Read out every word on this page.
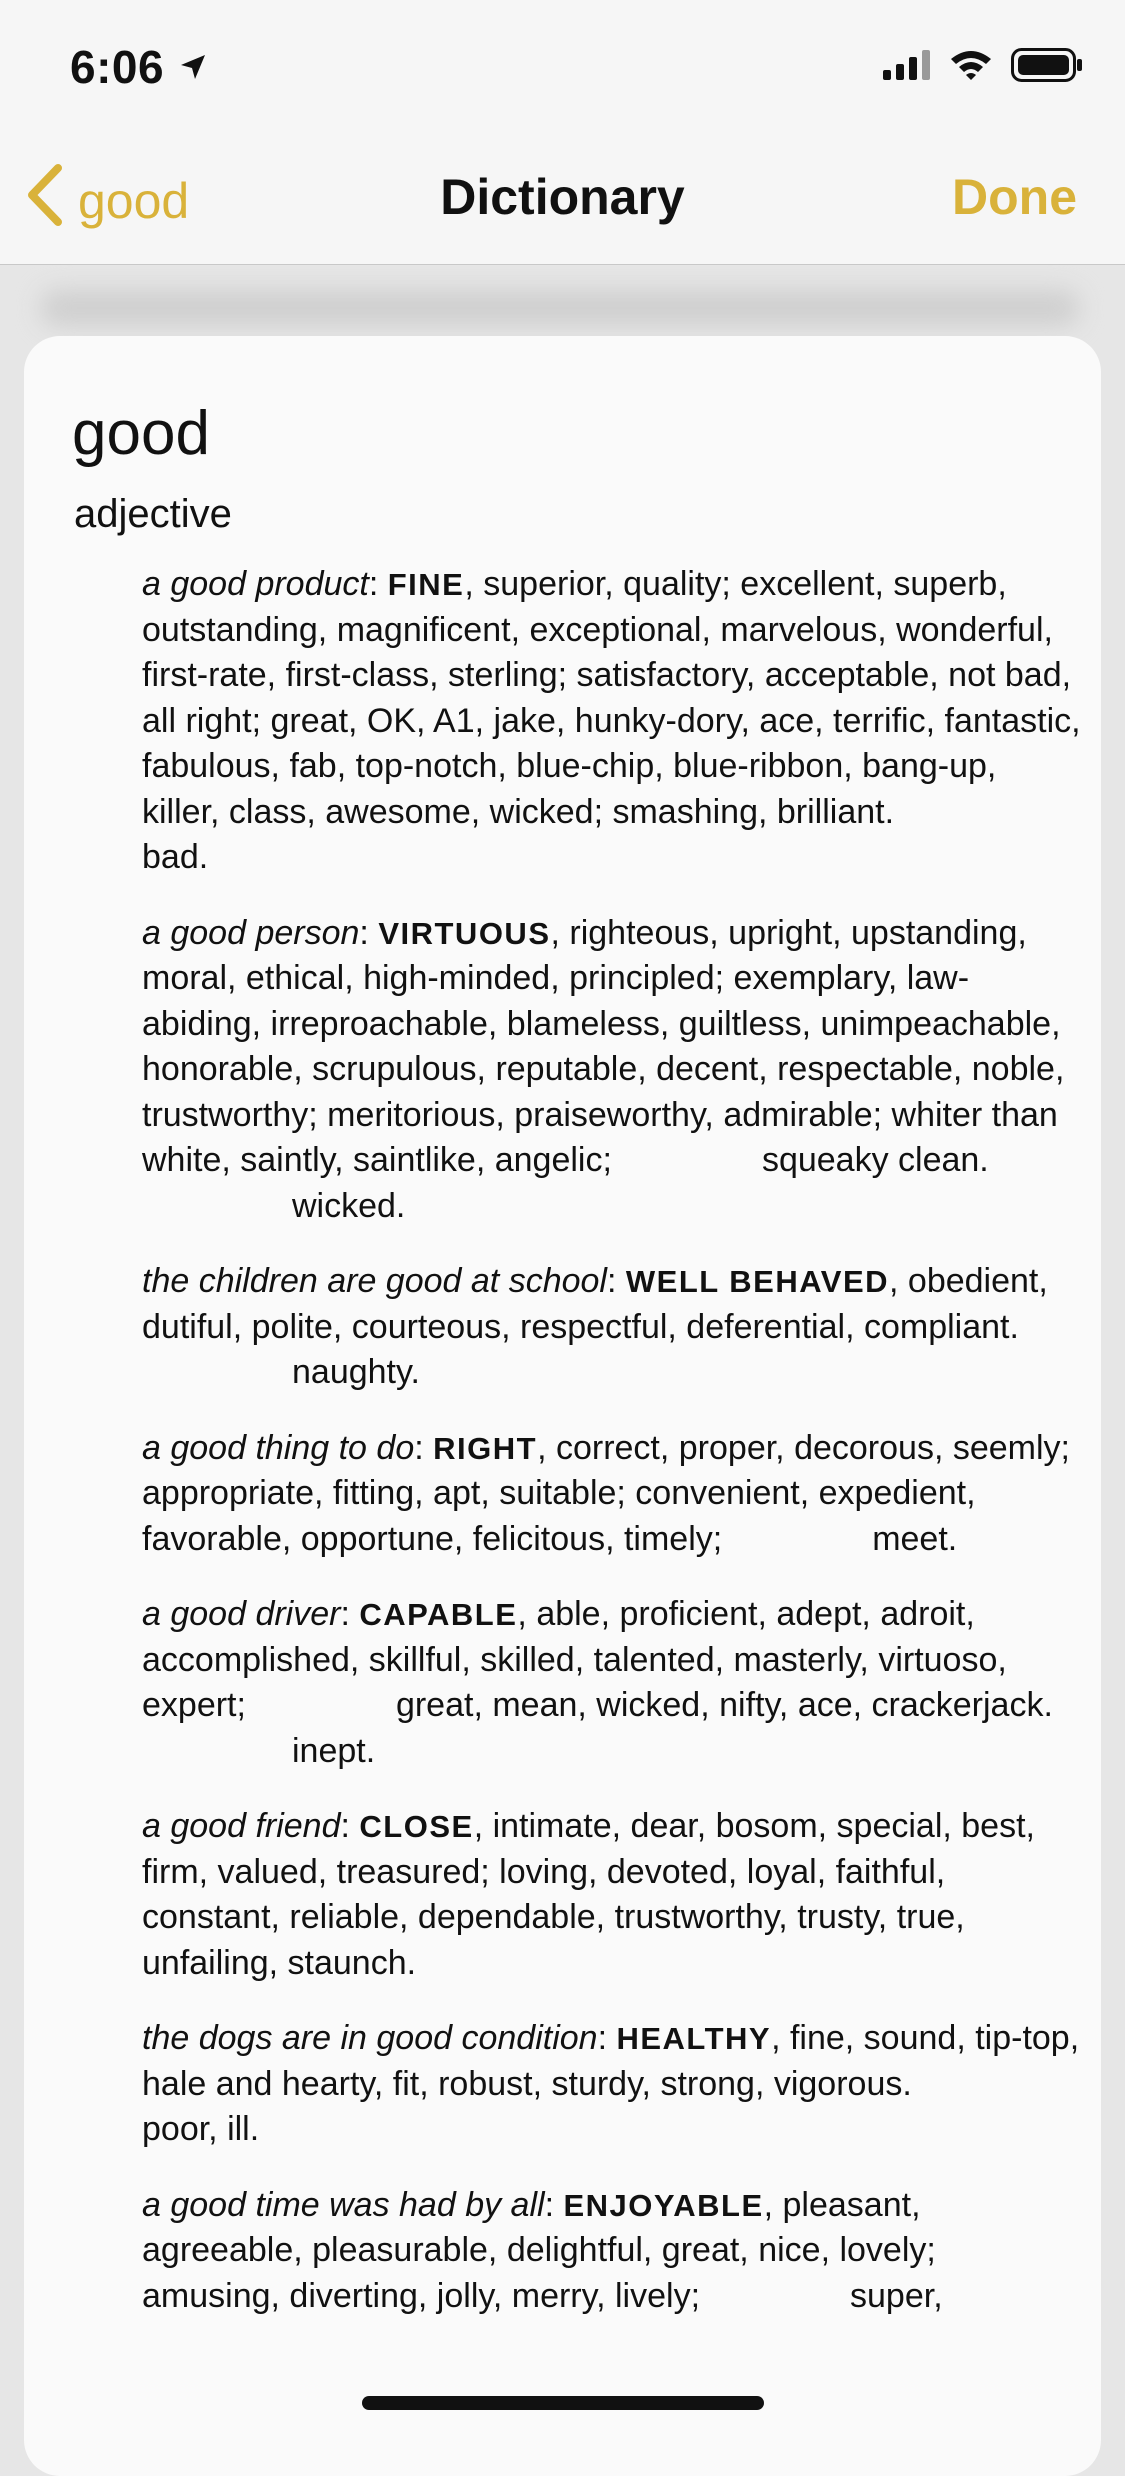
6:06
good	Dictionary	Done
good
adjective

a good product: FINE, superior, quality; excellent, superb, outstanding, magnificent, exceptional, marvelous, wonderful, first-rate, first-class, sterling; satisfactory, acceptable, not bad, all right; great, OK, A1, jake, hunky-dory, ace, terrific, fantastic, fabulous, fab, top-notch, blue-chip, blue-ribbon, bang-up, killer, class, awesome, wicked; smashing, brilliant.bad.

a good person: VIRTUOUS, righteous, upright, upstanding, moral, ethical, high-minded, principled; exemplary, law-abiding, irreproachable, blameless, guiltless, unimpeachable, honorable, scrupulous, reputable, decent, respectable, noble, trustworthy; meritorious, praiseworthy, admirable; whiter than white, saintly, saintlike, angelic;	squeaky clean.wicked.

the children are good at school: WELL BEHAVED, obedient, dutiful, polite, courteous, respectful, deferential, compliant.naughty.

a good thing to do: RIGHT, correct, proper, decorous, seemly; appropriate, fitting, apt, suitable; convenient, expedient, favorable, opportune, felicitous, timely;	meet.

a good driver: CAPABLE, able, proficient, adept, adroit, accomplished, skillful, skilled, talented, masterly, virtuoso, expert;	great, mean, wicked, nifty, ace, crackerjack.inept.

a good friend: CLOSE, intimate, dear, bosom, special, best, firm, valued, treasured; loving, devoted, loyal, faithful, constant, reliable, dependable, trustworthy, trusty, true, unfailing, staunch.

the dogs are in good condition: HEALTHY, fine, sound, tip-top, hale and hearty, fit, robust, sturdy, strong, vigorous.poor, ill.

a good time was had by all: ENJOYABLE, pleasant, agreeable, pleasurable, delightful, great, nice, lovely; amusing, diverting, jolly, merry, lively;	super,
